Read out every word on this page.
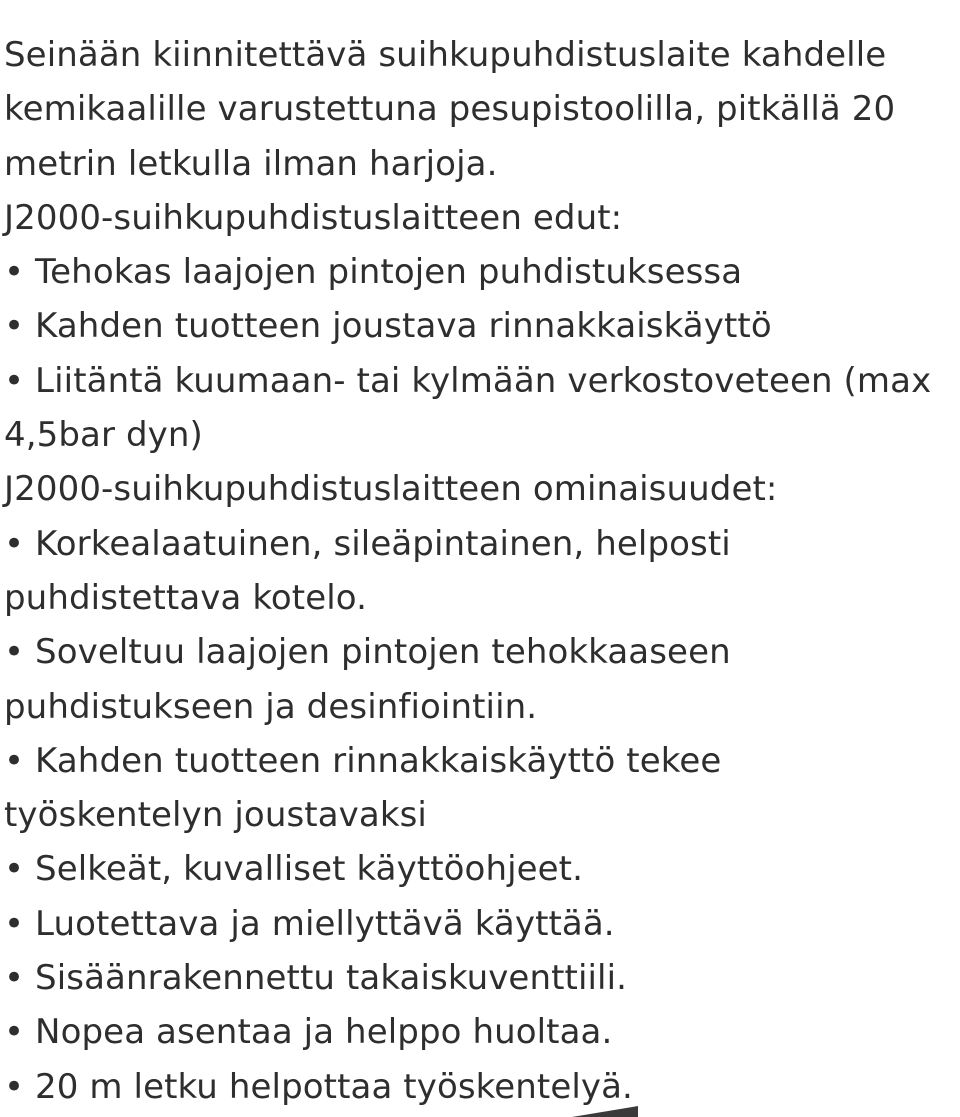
Seinään kiinnitettävä suihkupuhdistuslaite kahdelle

kemikaalille varustettuna pesupistoolilla, pitkällä 20

metrin letkulla ilman harjoja.

J2000-suihkupuhdistuslaitteen edut:

• Tehokas laajojen pintojen puhdistuksessa

• Kahden tuotteen joustava rinnakkaiskäyttö

• Liitäntä kuumaan- tai kylmään verkostoveteen (max

4,5bar dyn)

J2000-suihkupuhdistuslaitteen ominaisuudet:

• Korkealaatuinen, sileäpintainen, helposti

puhdistettava kotelo.

• Soveltuu laajojen pintojen tehokkaaseen

puhdistukseen ja desinfiointiin.

• Kahden tuotteen rinnakkaiskäyttö tekee

työskentelyn joustavaksi

• Selkeät, kuvalliset käyttöohjeet.

• Luotettava ja miellyttävä käyttää.

• Sisäänrakennettu takaiskuventtiili.

• Nopea asentaa ja helppo huoltaa.

• 20 m letku helpottaa työskentelyä.
